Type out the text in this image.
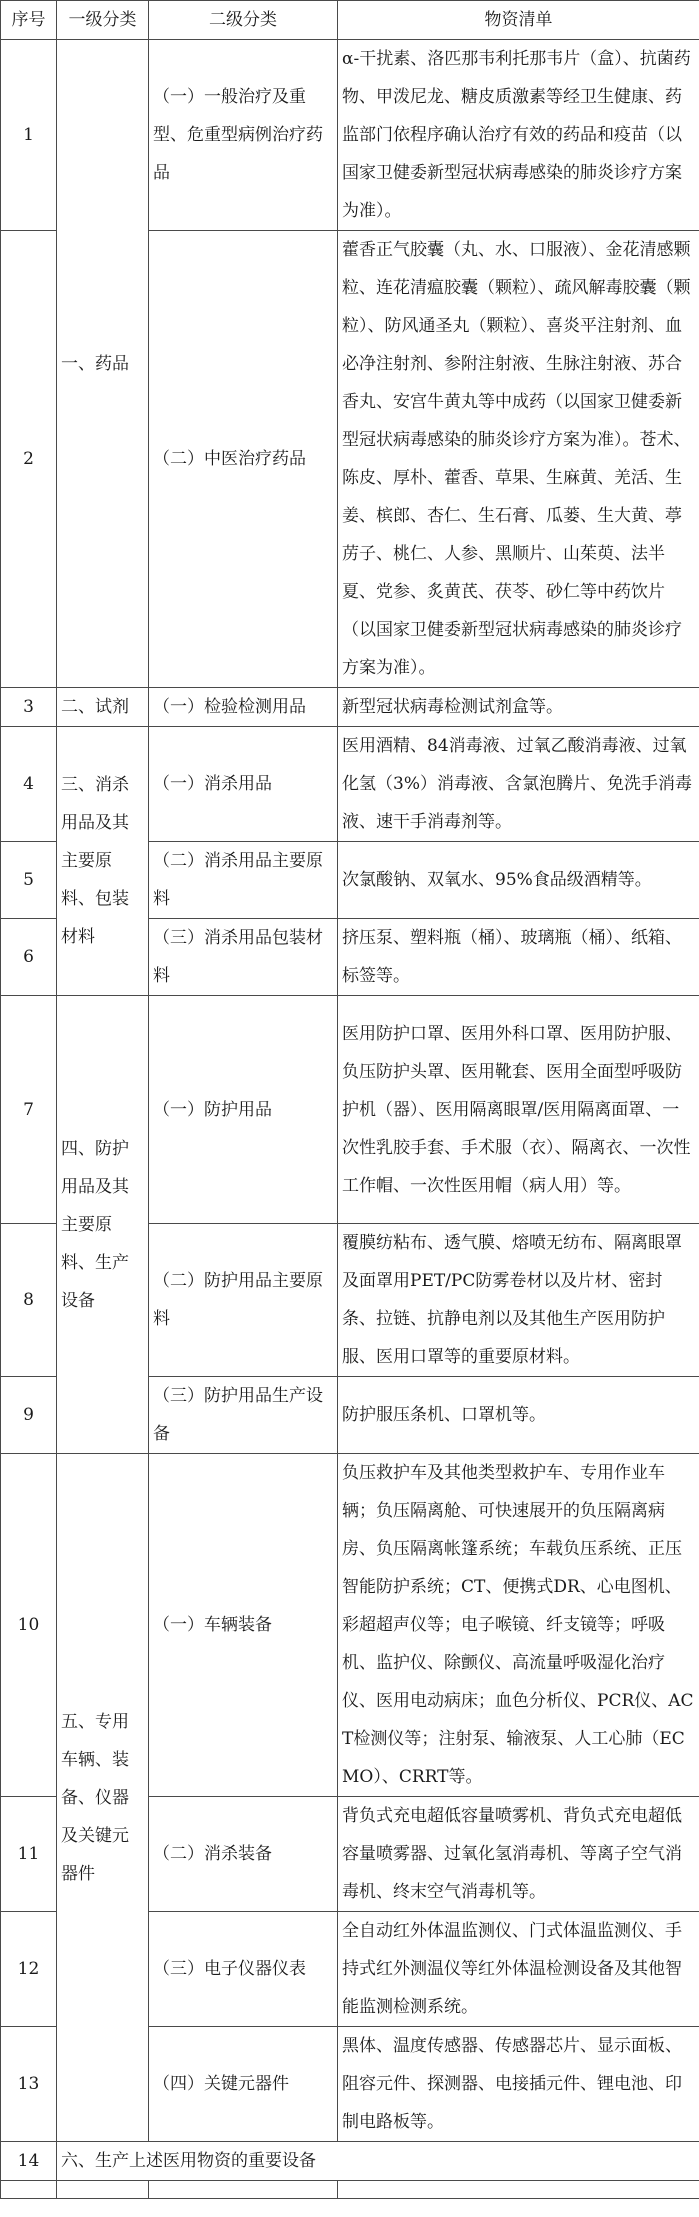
序号	一级分类	二级分类	物资清单
1	一、药品	（一）一般治疗及重型、危重型病例治疗药品	α-干扰素、洛匹那韦利托那韦片（盒）、抗菌药物、甲泼尼龙、糖皮质激素等经卫生健康、药监部门依程序确认治疗有效的药品和疫苗（以国家卫健委新型冠状病毒感染的肺炎诊疗方案为准）。
2		（二）中医治疗药品	藿香正气胶囊（丸、水、口服液）、金花清感颗粒、连花清瘟胶囊（颗粒）、疏风解毒胶囊（颗粒）、防风通圣丸（颗粒）、喜炎平注射剂、血必净注射剂、参附注射液、生脉注射液、苏合香丸、安宫牛黄丸等中成药（以国家卫健委新型冠状病毒感染的肺炎诊疗方案为准）。苍术、陈皮、厚朴、藿香、草果、生麻黄、羌活、生姜、槟郎、杏仁、生石膏、瓜蒌、生大黄、葶苈子、桃仁、人参、黑顺片、山茱萸、法半夏、党参、炙黄芪、茯苓、砂仁等中药饮片（以国家卫健委新型冠状病毒感染的肺炎诊疗方案为准）。
3	二、试剂	（一）检验检测用品	新型冠状病毒检测试剂盒等。
4	三、消杀用品及其主要原料、包装材料	（一）消杀用品	医用酒精、84消毒液、过氧乙酸消毒液、过氧化氢（3%）消毒液、含氯泡腾片、免洗手消毒液、速干手消毒剂等。
5		（二）消杀用品主要原料	次氯酸钠、双氧水、95%食品级酒精等。
6		（三）消杀用品包装材料	挤压泵、塑料瓶（桶）、玻璃瓶（桶）、纸箱、标签等。
7	四、防护用品及其主要原料、生产设备	（一）防护用品	医用防护口罩、医用外科口罩、医用防护服、负压防护头罩、医用靴套、医用全面型呼吸防护机（器）、医用隔离眼罩/医用隔离面罩、一次性乳胶手套、手术服（衣）、隔离衣、一次性工作帽、一次性医用帽（病人用）等。
8		（二）防护用品主要原料	覆膜纺粘布、透气膜、熔喷无纺布、隔离眼罩及面罩用PET/PC防雾卷材以及片材、密封条、拉链、抗静电剂以及其他生产医用防护服、医用口罩等的重要原材料。
9		（三）防护用品生产设备	防护服压条机、口罩机等。
10	五、专用车辆、装备、仪器及关键元器件	（一）车辆装备	负压救护车及其他类型救护车、专用作业车辆；负压隔离舱、可快速展开的负压隔离病房、负压隔离帐篷系统；车载负压系统、正压智能防护系统；CT、便携式DR、心电图机、彩超超声仪等；电子喉镜、纤支镜等；呼吸机、监护仪、除颤仪、高流量呼吸湿化治疗仪、医用电动病床；血色分析仪、PCR仪、ACT检测仪等；注射泵、输液泵、人工心肺（ECMO）、CRRT等。
11		（二）消杀装备	背负式充电超低容量喷雾机、背负式充电超低容量喷雾器、过氧化氢消毒机、等离子空气消毒机、终末空气消毒机等。
12		（三）电子仪器仪表	全自动红外体温监测仪、门式体温监测仪、手持式红外测温仪等红外体温检测设备及其他智能监测检测系统。
13		（四）关键元器件	黑体、温度传感器、传感器芯片、显示面板、阻容元件、探测器、电接插元件、锂电池、印制电路板等。
14	六、生产上述医用物资的重要设备		
